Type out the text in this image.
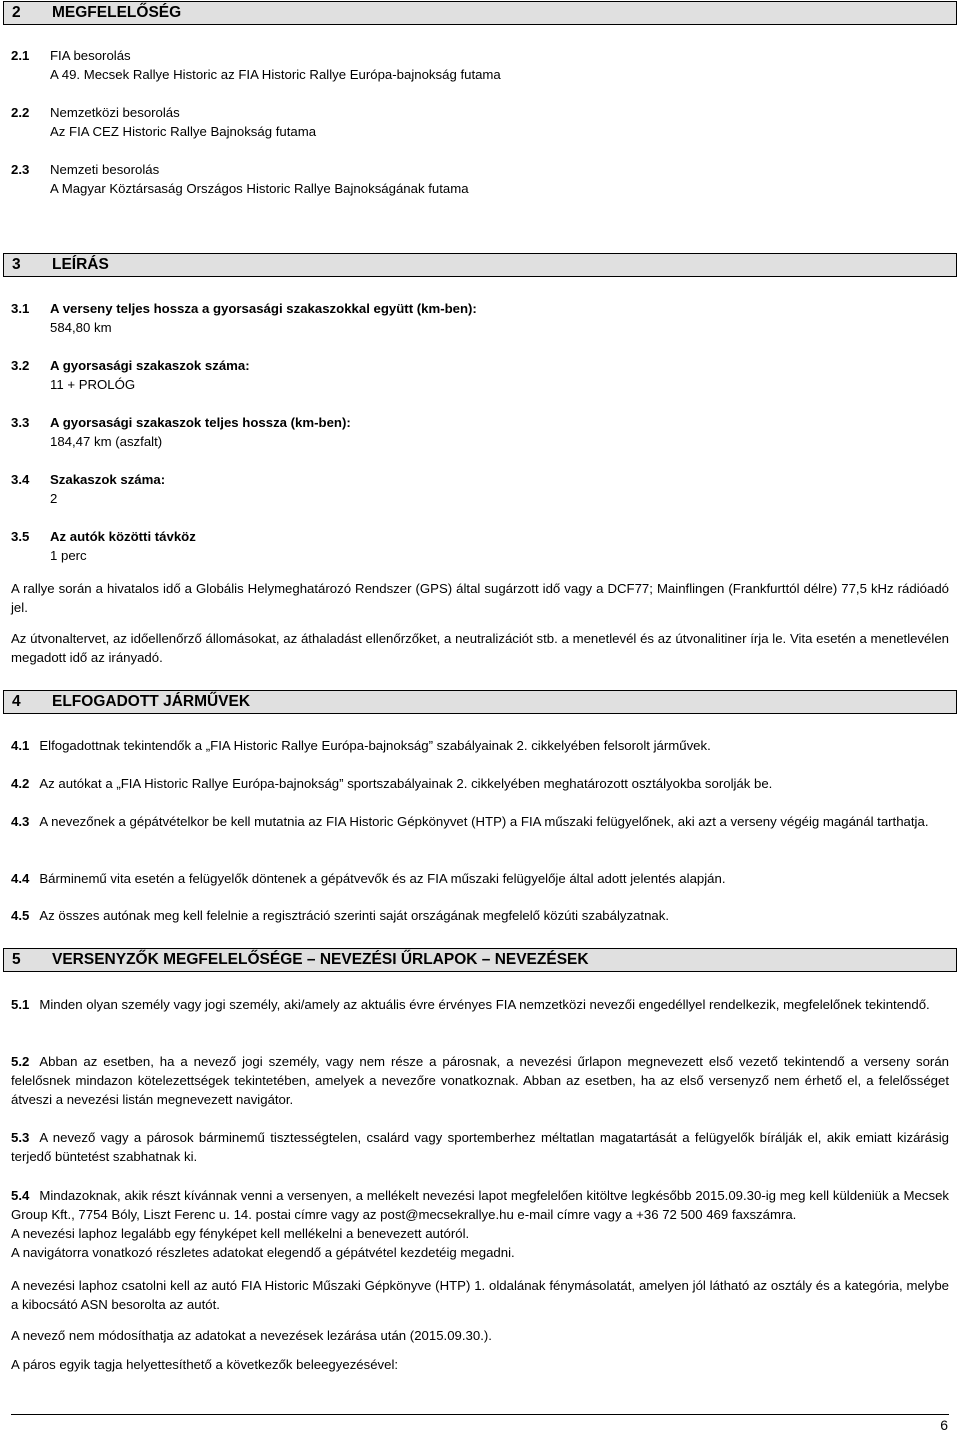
2 MEGFELELŐSÉG
2.1 FIA besorolás
A 49. Mecsek Rallye Historic az FIA Historic Rallye Európa-bajnokság futama
2.2 Nemzetközi besorolás
Az FIA CEZ Historic Rallye Bajnokság futama
2.3 Nemzeti besorolás
A Magyar Köztársaság Országos Historic Rallye Bajnokságának futama
3 LEÍRÁS
3.1 A verseny teljes hossza a gyorsasági szakaszokkal együtt (km-ben):
584,80 km
3.2 A gyorsasági szakaszok száma:
11 + PROLÓG
3.3 A gyorsasági szakaszok teljes hossza (km-ben):
184,47 km (aszfalt)
3.4 Szakaszok száma:
2
3.5 Az autók közötti távköz
1 perc
A rallye során a hivatalos idő a Globális Helymeghatározó Rendszer (GPS) által sugárzott idő vagy a DCF77; Mainflingen (Frankfurttól délre) 77,5 kHz rádióadó jel.
Az útvonaltervet, az időellenőrző állomásokat, az áthaladást ellenőrzőket, a neutralizációt stb. a menetlevél és az útvonalitiner írja le. Vita esetén a menetlevélen megadott idő az irányadó.
4 ELFOGADOTT JÁRMŰVEK
4.1 Elfogadottnak tekintendők a „FIA Historic Rallye Európa-bajnokság” szabályainak 2. cikkelyében felsorolt járművek.
4.2 Az autókat a „FIA Historic Rallye Európa-bajnokság” sportszabályainak 2. cikkelyében meghatározott osztályokba sorolják be.
4.3 A nevezőnek a gépátvételkor be kell mutatnia az FIA Historic Gépkönyvet (HTP) a FIA műszaki felügyelőnek, aki azt a verseny végéig magánál tarthatja.
4.4 Bárminemű vita esetén a felügyelők döntenek a gépátvevők és az FIA műszaki felügyelője által adott jelentés alapján.
4.5 Az összes autónak meg kell felelnie a regisztráció szerinti saját országának megfelelő közúti szabályzatnak.
5 VERSENYZŐK MEGFELELŐSÉGE – NEVEZÉSI ŰRLAPOK – NEVEZÉSEK
5.1 Minden olyan személy vagy jogi személy, aki/amely az aktuális évre érvényes FIA nemzetközi nevezői engedéllyel rendelkezik, megfelelőnek tekintendő.
5.2 Abban az esetben, ha a nevező jogi személy, vagy nem része a párosnak, a nevezési űrlapon megnevezett első vezető tekintendő a verseny során felelősnek mindazon kötelezettségek tekintetében, amelyek a nevezőre vonatkoznak. Abban az esetben, ha az első versenyző nem érhető el, a felelősséget átveszi a nevezési listán megnevezett navigátor.
5.3 A nevező vagy a párosok bárminemű tisztességtelen, csalárd vagy sportemberhez méltatlan magatartását a felügyelők bírálják el, akik emiatt kizárásig terjedő büntetést szabhatnak ki.
5.4 Mindazoknak, akik részt kívánnak venni a versenyen, a mellékelt nevezési lapot megfelelően kitöltve legkésőbb 2015.09.30-ig meg kell küldeniük a Mecsek Group Kft., 7754 Bóly, Liszt Ferenc u. 14. postai címre vagy az post@mecsekrallye.hu e-mail címre vagy a +36 72 500 469 faxszámra.
A nevezési laphoz legalább egy fényképet kell mellékelni a benevezett autóról.
A navigátorra vonatkozó részletes adatokat elegendő a gépátvétel kezdetéig megadni.
A nevezési laphoz csatolni kell az autó FIA Historic Műszaki Gépkönyve (HTP) 1. oldalának fénymásolatát, amelyen jól látható az osztály és a kategória, melybe a kibocsátó ASN besorolta az autót.
A nevező nem módosíthatja az adatokat a nevezések lezárása után (2015.09.30.).
A páros egyik tagja helyettesíthető a következők beleegyezésével:
6
